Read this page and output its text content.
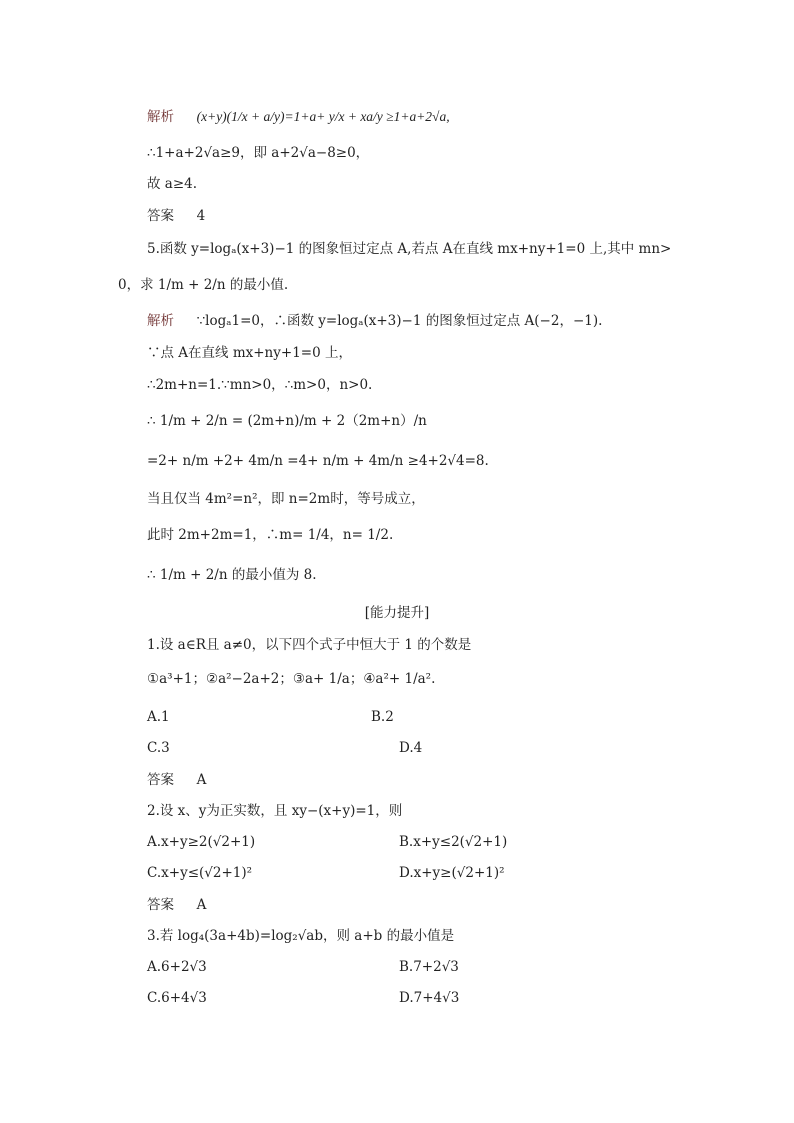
解析 (x+y)(1/x + a/y)=1+a+ y/x + xa/y ≥1+a+2√a,
∴1+a+2√a≥9，即 a+2√a−8≥0，
故 a≥4.
答案 4
5.函数 y=logₐ(x+3)−1 的图象恒过定点 A,若点 A在直线 mx+ny+1=0 上,其中 mn>
0，求 1/m + 2/n 的最小值.
解析 ∵logₐ1=0，∴函数 y=logₐ(x+3)−1 的图象恒过定点 A(−2，−1).
∵点 A在直线 mx+ny+1=0 上，
∴2m+n=1.∵mn>0，∴m>0，n>0.
∴ 1/m + 2/n = (2m+n)/m + 2（2m+n）/n
=2+ n/m +2+ 4m/n =4+ n/m + 4m/n ≥4+2√4=8.
当且仅当 4m²=n²，即 n=2m时，等号成立，
此时 2m+2m=1，∴m= 1/4，n= 1/2.
∴ 1/m + 2/n 的最小值为 8.
[能力提升]
1.设 a∈R且 a≠0，以下四个式子中恒大于 1 的个数是
①a³+1；②a²−2a+2；③a+ 1/a；④a²+ 1/a².
A.1	B.2
C.3	D.4
答案 A
2.设 x、y为正实数，且 xy−(x+y)=1，则
A.x+y≥2(√2+1)	B.x+y≤2(√2+1)
C.x+y≤(√2+1)²	D.x+y≥(√2+1)²
答案 A
3.若 log₄(3a+4b)=log₂√ab，则 a+b 的最小值是
A.6+2√3	B.7+2√3
C.6+4√3	D.7+4√3
